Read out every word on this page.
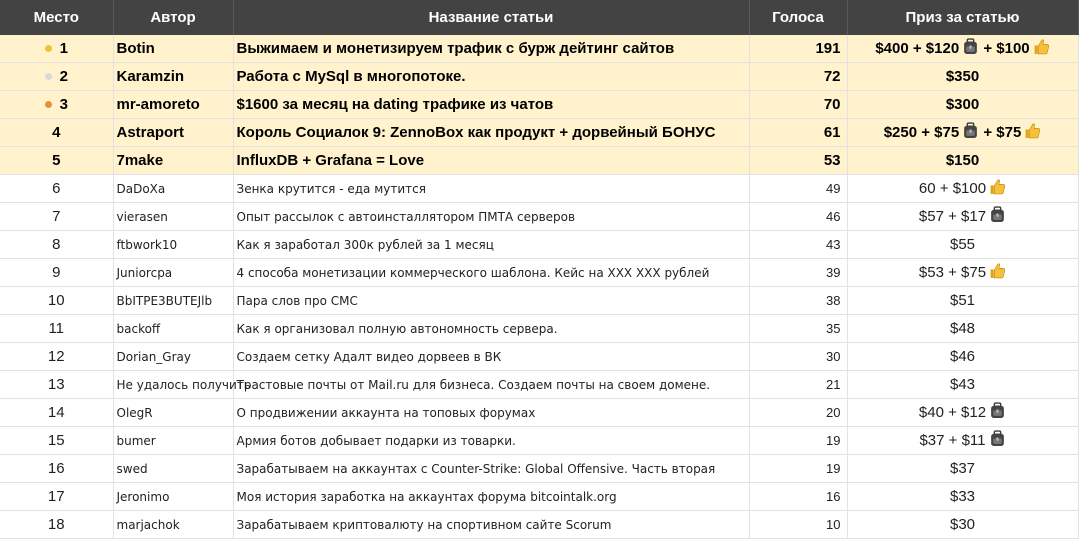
Место	Автор	Название статьи	Голоса	Приз за статью
1	Botin	Выжимаем и монетизируем трафик с бурж дейтинг сайтов	191	$400 + $120 + $100
2	Karamzin	Работа с MySql в многопотоке.	72	$350
3	mr-amoreto	$1600 за месяц на dating трафике из чатов	70	$300
4	Astraport	Король Социалок 9: ZennoBox как продукт + дорвейный БОНУС	61	$250 + $75 + $75
5	7make	InfluxDB + Grafana = Love	53	$150
6	DaDoXa	Зенка крутится - еда мутится	49	60 + $100
7	vierasen	Опыт рассылок с автоинсталлятором ПМТА серверов	46	$57 + $17
8	ftbwork10	Как я заработал 300к рублей за 1 месяц	43	$55
9	Juniorcpa	4 способа монетизации коммерческого шаблона. Кейс на XXX XXX рублей	39	$53 + $75
10	BbITPE3BUTEJlb	Пара слов про СМС	38	$51
11	backoff	Как я организовал полную автономность сервера.	35	$48
12	Dorian_Gray	Создаем сетку Адалт видео дорвеев в ВК	30	$46
13	Не удалось получить	Трастовые почты от Mail.ru для бизнеса. Создаем почты на своем домене.	21	$43
14	OlegR	О продвижении аккаунта на топовых форумах	20	$40 + $12
15	bumer	Армия ботов добывает подарки из товарки.	19	$37 + $11
16	swed	Зарабатываем на аккаунтах с Counter-Strike: Global Offensive. Часть вторая	19	$37
17	Jeronimo	Моя история заработка на аккаунтах форума bitcointalk.org	16	$33
18	marjachok	Зарабатываем криптовалюту на спортивном сайте Scorum	10	$30
